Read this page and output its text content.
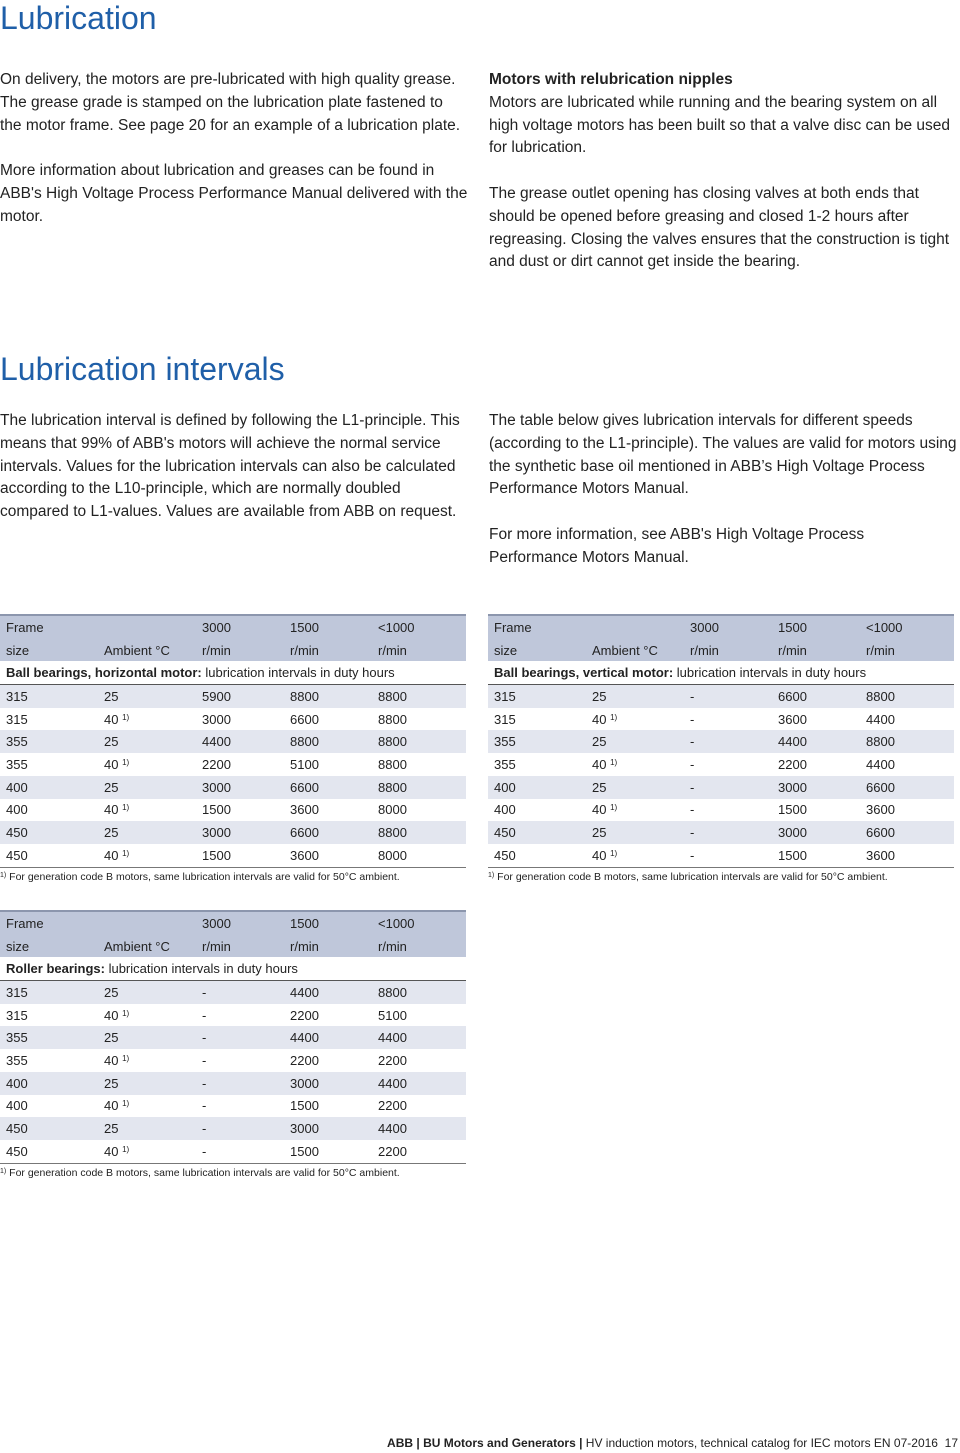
Lubrication

On delivery, the motors are pre-lubricated with high quality grease. The grease grade is stamped on the lubrication plate fastened to the motor frame. See page 20 for an example of a lubrication plate.

More information about lubrication and greases can be found in ABB's High Voltage Process Performance Manual delivered with the motor.

Motors with relubrication nipples

Motors are lubricated while running and the bearing system on all high voltage motors has been built so that a valve disc can be used for lubrication.

The grease outlet opening has closing valves at both ends that should be opened before greasing and closed 1-2 hours after regreasing. Closing the valves ensures that the construction is tight and dust or dirt cannot get inside the bearing.

Lubrication intervals

The lubrication interval is defined by following the L1-principle. This means that 99% of ABB's motors will achieve the normal service intervals. Values for the lubrication intervals can also be calculated according to the L10-principle, which are normally doubled compared to L1-values. Values are available from ABB on request.

The table below gives lubrication intervals for different speeds (according to the L1-principle). The values are valid for motors using the synthetic base oil mentioned in ABB’s High Voltage Process Performance Motors Manual.

For more information, see ABB's High Voltage Process Performance Motors Manual.

Frame		3000	1500	<1000
size	Ambient °C	r/min	r/min	r/min
Ball bearings, horizontal motor: lubrication intervals in duty hours				
315	25	5900	8800	8800
315	40 $^{1)}$	3000	6600	8800
355	25	4400	8800	8800
355	40 $^{1)}$	2200	5100	8800
400	25	3000	6600	8800
400	40 $^{1)}$	1500	3600	8000
450	25	3000	6600	8800
450	40 $^{1)}$	1500	3600	8000
$^{1)}$ For generation code B motors, same lubrication intervals are valid for 50°C ambient.
Frame		3000	1500	<1000
size	Ambient °C	r/min	r/min	r/min
Ball bearings, vertical motor: lubrication intervals in duty hours				
315	25	-	6600	8800
315	40 $^{1)}$	-	3600	4400
355	25	-	4400	8800
355	40 $^{1)}$	-	2200	4400
400	25	-	3000	6600
400	40 $^{1)}$	-	1500	3600
450	25	-	3000	6600
450	40 $^{1)}$	-	1500	3600
$^{1)}$ For generation code B motors, same lubrication intervals are valid for 50°C ambient.
Frame		3000	1500	<1000
size	Ambient °C	r/min	r/min	r/min
Roller bearings: lubrication intervals in duty hours				
315	25	-	4400	8800
315	40 $^{1)}$	-	2200	5100
355	25	-	4400	4400
355	40 $^{1)}$	-	2200	2200
400	25	-	3000	4400
400	40 $^{1)}$	-	1500	2200
450	25	-	3000	4400
450	40 $^{1)}$	-	1500	2200
$^{1)}$ For generation code B motors, same lubrication intervals are valid for 50°C ambient.
ABB | BU Motors and Generators | HV induction motors, technical catalog for IEC motors EN 07-2016 17
